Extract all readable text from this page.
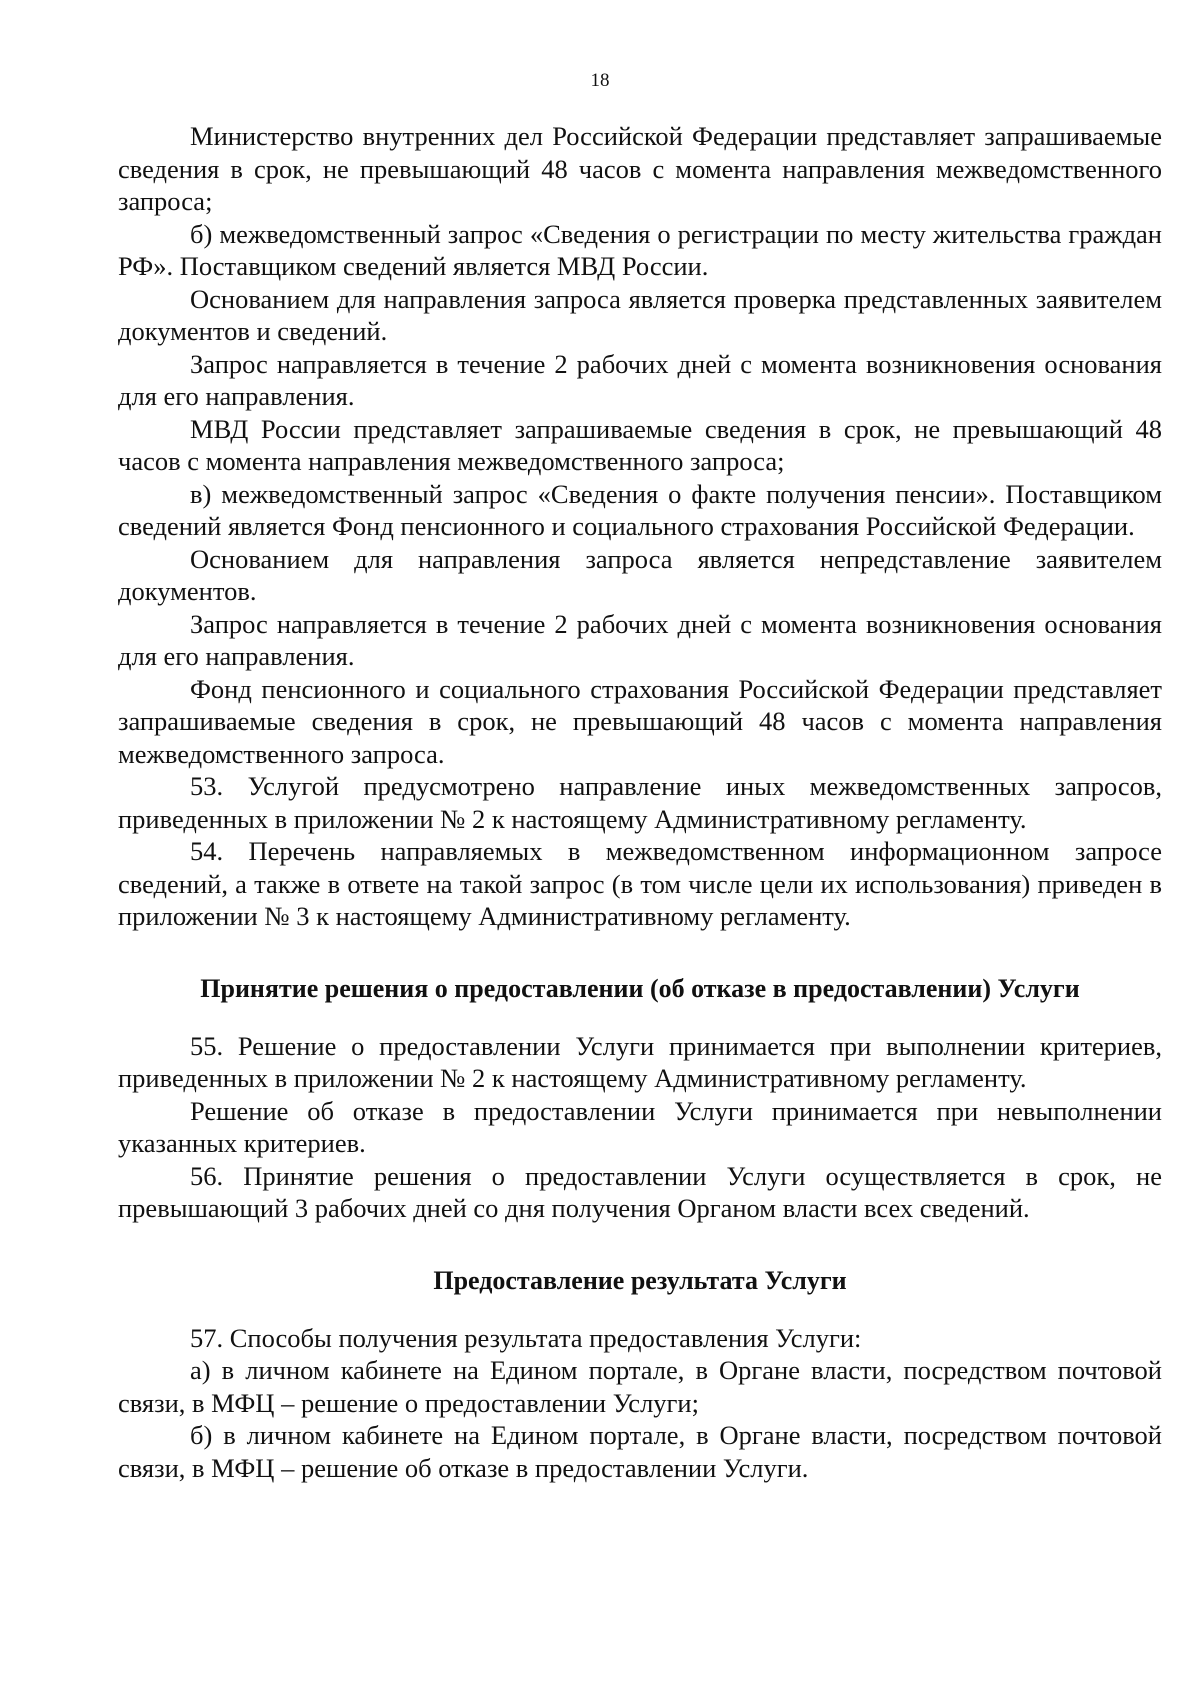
18

Министерство внутренних дел Российской Федерации представляет запрашиваемые сведения в срок, не превышающий 48 часов с момента направления межведомственного запроса;

б) межведомственный запрос «Сведения о регистрации по месту жительства граждан РФ». Поставщиком сведений является МВД России.

Основанием для направления запроса является проверка представленных заявителем документов и сведений.

Запрос направляется в течение 2 рабочих дней с момента возникновения основания для его направления.

МВД России представляет запрашиваемые сведения в срок, не превышающий 48 часов с момента направления межведомственного запроса;

в) межведомственный запрос «Сведения о факте получения пенсии». Поставщиком сведений является Фонд пенсионного и социального страхования Российской Федерации.

Основанием для направления запроса является непредставление заявителем документов.

Запрос направляется в течение 2 рабочих дней с момента возникновения основания для его направления.

Фонд пенсионного и социального страхования Российской Федерации представляет запрашиваемые сведения в срок, не превышающий 48 часов с момента направления межведомственного запроса.

53. Услугой предусмотрено направление иных межведомственных запросов, приведенных в приложении № 2 к настоящему Административному регламенту.

54. Перечень направляемых в межведомственном информационном запросе сведений, а также в ответе на такой запрос (в том числе цели их использования) приведен в приложении № 3 к настоящему Административному регламенту.

Принятие решения о предоставлении (об отказе в предоставлении) Услуги

55. Решение о предоставлении Услуги принимается при выполнении критериев, приведенных в приложении № 2 к настоящему Административному регламенту.

Решение об отказе в предоставлении Услуги принимается при невыполнении указанных критериев.

56. Принятие решения о предоставлении Услуги осуществляется в срок, не превышающий 3 рабочих дней со дня получения Органом власти всех сведений.

Предоставление результата Услуги

57. Способы получения результата предоставления Услуги:

а) в личном кабинете на Едином портале, в Органе власти, посредством почтовой связи, в МФЦ – решение о предоставлении Услуги;

б) в личном кабинете на Едином портале, в Органе власти, посредством почтовой связи, в МФЦ – решение об отказе в предоставлении Услуги.
